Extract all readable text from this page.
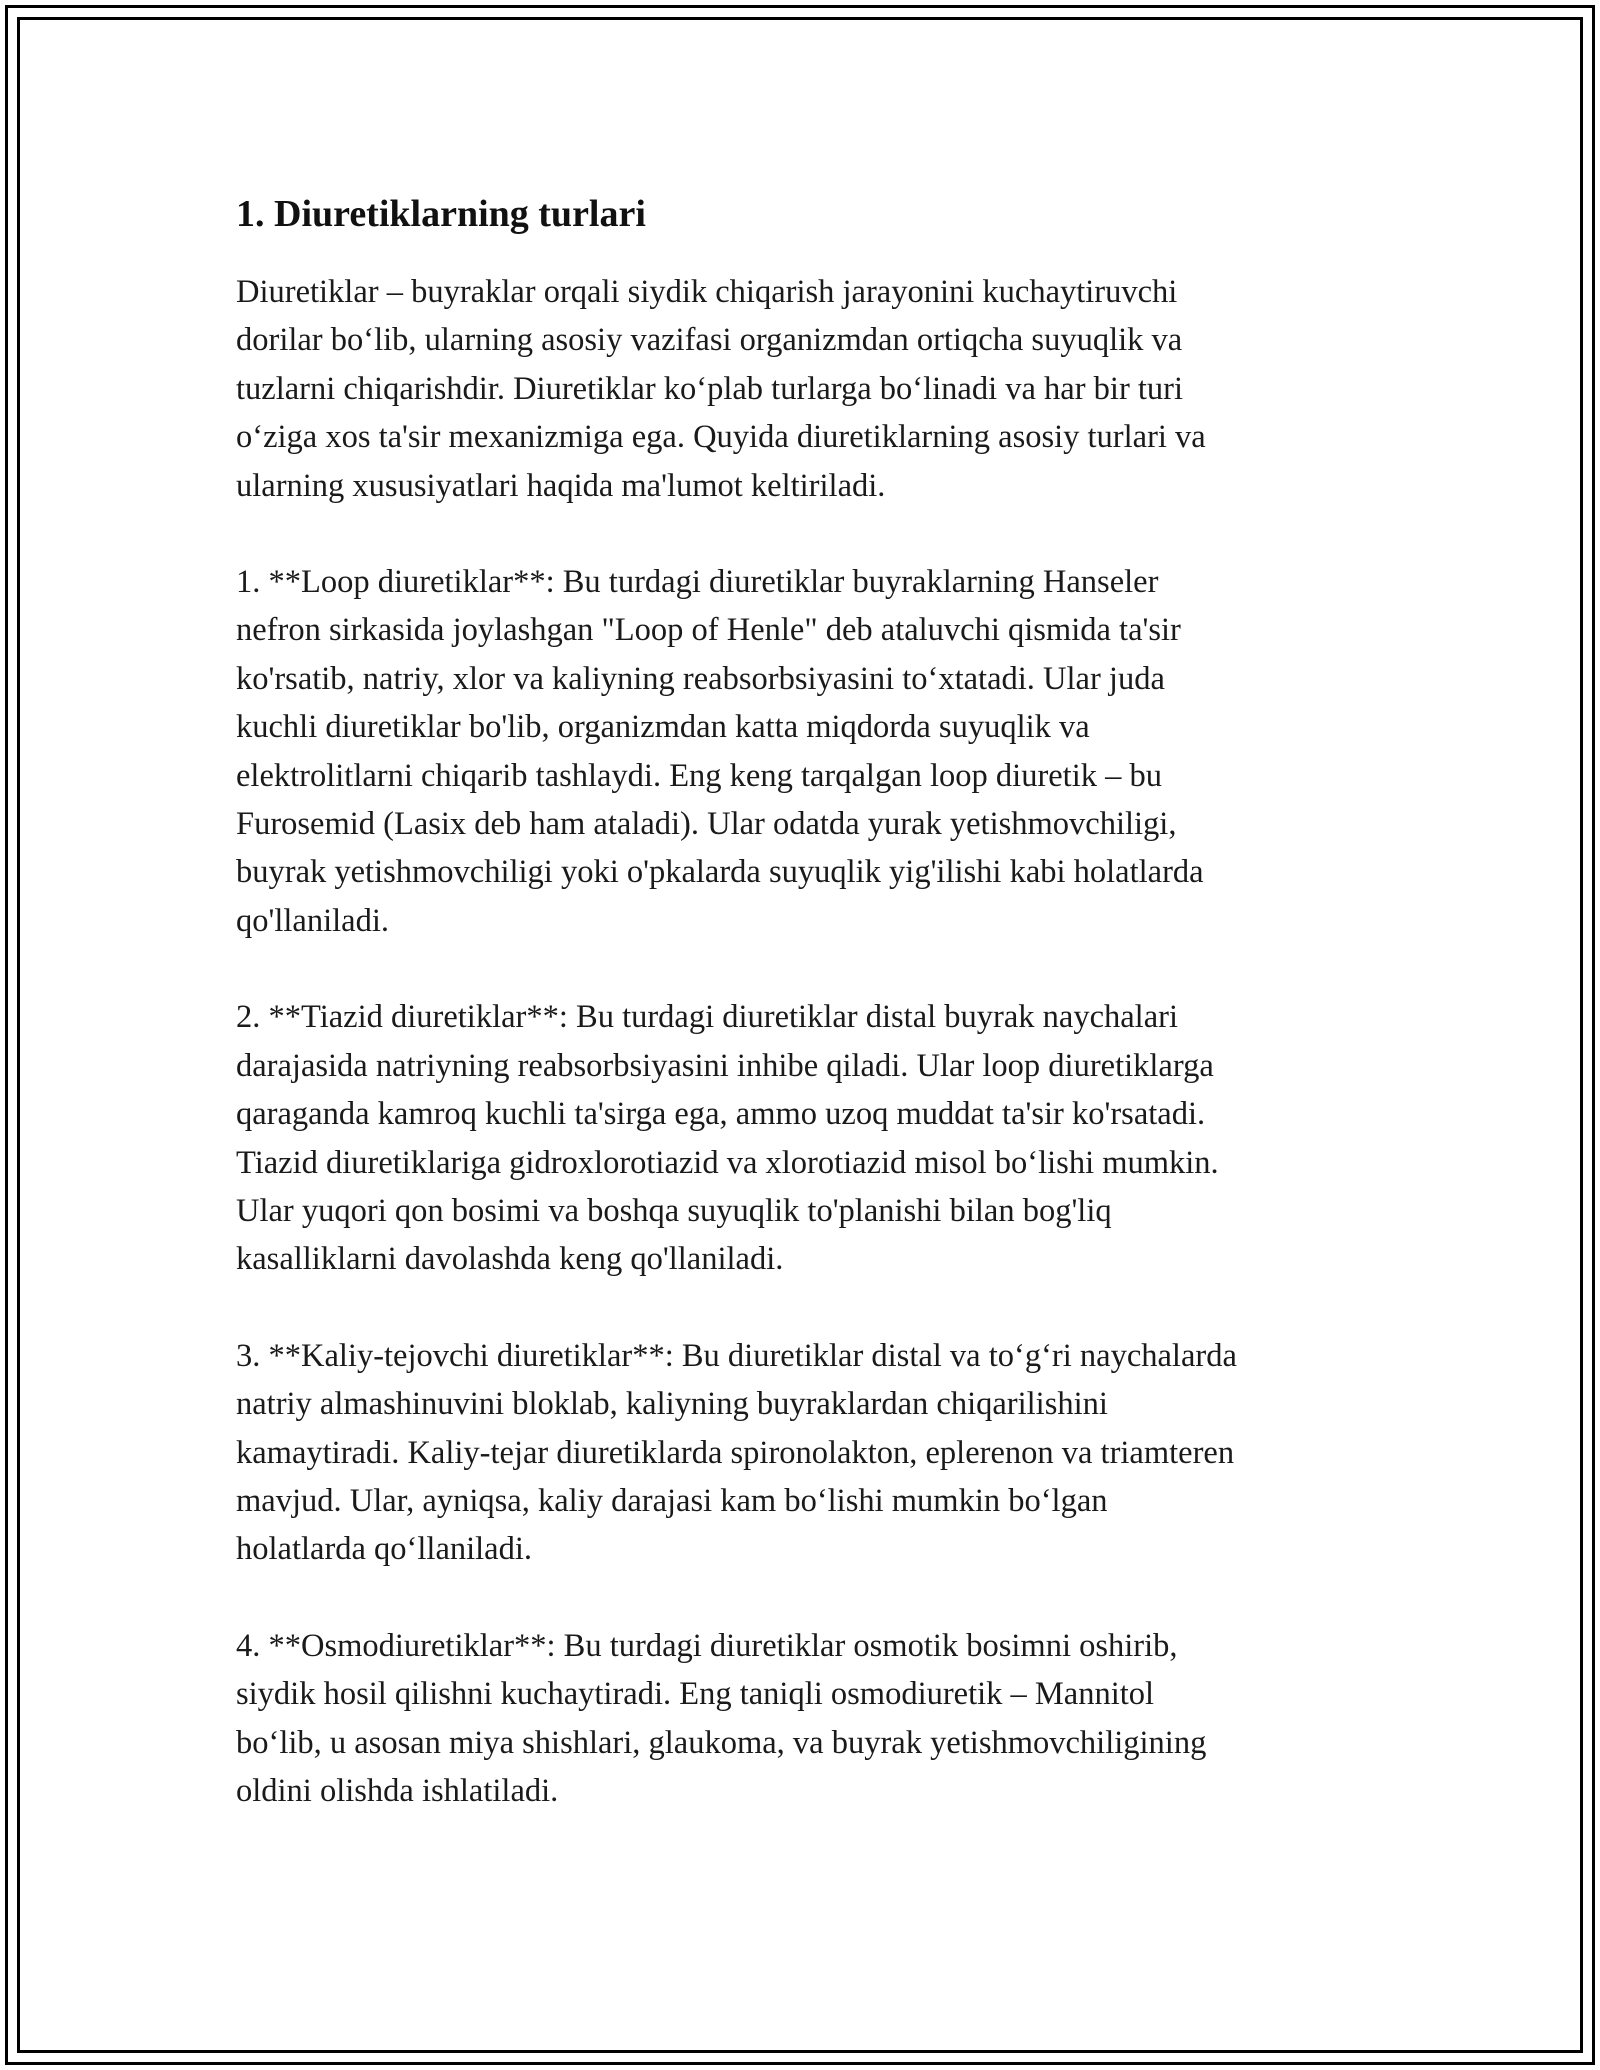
1. Diuretiklarning turlari

Diuretiklar – buyraklar orqali siydik chiqarish jarayonini kuchaytiruvchi
dorilar bo‘lib, ularning asosiy vazifasi organizmdan ortiqcha suyuqlik va
tuzlarni chiqarishdir. Diuretiklar ko‘plab turlarga bo‘linadi va har bir turi
o‘ziga xos ta'sir mexanizmiga ega. Quyida diuretiklarning asosiy turlari va
ularning xususiyatlari haqida ma'lumot keltiriladi.

1. **Loop diuretiklar**: Bu turdagi diuretiklar buyraklarning Hanseler
nefron sirkasida joylashgan "Loop of Henle" deb ataluvchi qismida ta'sir
ko'rsatib, natriy, xlor va kaliyning reabsorbsiyasini to‘xtatadi. Ular juda
kuchli diuretiklar bo'lib, organizmdan katta miqdorda suyuqlik va
elektrolitlarni chiqarib tashlaydi. Eng keng tarqalgan loop diuretik – bu
Furosemid (Lasix deb ham ataladi). Ular odatda yurak yetishmovchiligi,
buyrak yetishmovchiligi yoki o'pkalarda suyuqlik yig'ilishi kabi holatlarda
qo'llaniladi.

2. **Tiazid diuretiklar**: Bu turdagi diuretiklar distal buyrak naychalari
darajasida natriyning reabsorbsiyasini inhibe qiladi. Ular loop diuretiklarga
qaraganda kamroq kuchli ta'sirga ega, ammo uzoq muddat ta'sir ko'rsatadi.
Tiazid diuretiklariga gidroxlorotiazid va xlorotiazid misol bo‘lishi mumkin.
Ular yuqori qon bosimi va boshqa suyuqlik to'planishi bilan bog'liq
kasalliklarni davolashda keng qo'llaniladi.

3. **Kaliy-tejovchi diuretiklar**: Bu diuretiklar distal va to‘g‘ri naychalarda
natriy almashinuvini bloklab, kaliyning buyraklardan chiqarilishini
kamaytiradi. Kaliy-tejar diuretiklarda spironolakton, eplerenon va triamteren
mavjud. Ular, ayniqsa, kaliy darajasi kam bo‘lishi mumkin bo‘lgan
holatlarda qo‘llaniladi.

4. **Osmodiuretiklar**: Bu turdagi diuretiklar osmotik bosimni oshirib,
siydik hosil qilishni kuchaytiradi. Eng taniqli osmodiuretik – Mannitol
bo‘lib, u asosan miya shishlari, glaukoma, va buyrak yetishmovchiligining
oldini olishda ishlatiladi.
